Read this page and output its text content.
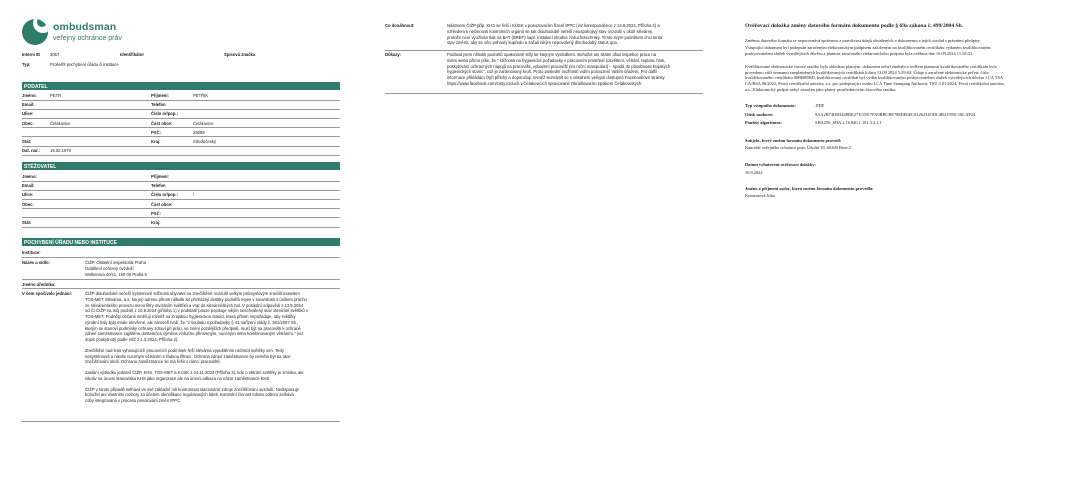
ombudsman
veřejný ochránce práv
Interní ID 3057	Identifikátor	Spisová značka
Typ:	Prošetřit pochybení úřadu či instituce
PODATEL
Jméno:	PETR	Příjmení:	PETŘÍK
Email:	Telefon
Ulice:	Číslo or/pop.:
Obec:	Čelákovice	Část obce:	Čelákovice
PSČ:	25088
Stát:	Kraj:	Středočeský
Dat. nar.: 19.02.1976
STĚŽOVATEL
Jméno:	Příjmení:
Email:	Telefon
Ulice:	Číslo or/pop.:	/
Obec:	Část obce:
PSČ:
Stát:	Kraj:
POCHYBENÍ ÚŘADU NEBO INSTITUCE
Instituce:
Název a sídlo:	ČIŽP, Oblastní inspektorát Praha
Oddělení ochrany ovzduší
Wolkerova 40/11, 160 00 Praha 6
Jméno úředníka:
V čem spočívalo jednání:	ČIŽP dlouhodobě nečeší systémově stížnosti obyvatel na znečištěné ovzduší velkým průmyslovým znečišťovatelem
TOS-MET Slévárna, a.s. Na její adresu přitom několik let přicházejí desítky podnětů nejen v souvislosti s únikem prachu
ze slévárenského provozu mimo filtry otvíráním světlíků a vrat do slévárenských hal. V poslední odpovědi z 13.9.2024
od ČI ČIŽP na můj podnět z 10.8.2024 (příloha 1) v podstatě pouze popisuje nikým neschválený stav otevírání světlíků v
TOS-MET. Podněty občané směřují rovněž na Krajskou hygienickou stanici, která přitom nepožaduje, aby světlíky
výrobní haly byly trvale otevřené, ale zároveň tvrdí, že "v souladu s požadavky § 41 nařízení vlády č. 361/2007 Sb.,
kterým se stanoví podmínky ochrany zdraví při práci, ve znění pozdějších předpisů, musí být na pracovišti k ochraně
zdraví zaměstnance zajištěna dostatečná výměna vzduchu přirozeným, nuceným nebo kombinovaným větráním." (viz
dopis poskytnutý podle InfZ z 1.3.2024, Příloha 2).
Znečištění nad limit vyhovujících pracovních podmínek řeší slévárna vypuštěním nečistot světlíky ven. Tedy
nesystémově a nikoliv nuceným větráním s řádnou filtrací. Ochrana zdraví zaměstnance by neměla být na úkor
znečišťování okolí. Ochrana zaměstnance se má řešit v rámci pracoviště.
Zaslání výsledku jednání ČIŽP, KHS, TOS-MET a KÚSK z 24.11.2023 (Příloha 3), kde o větrání světlíky je zmínka, ale
nikoliv na úrovni stanoviska KHS jako organizace ale na úrovni odkazu na názor zaměstnance KHS.
ČIŽP v tomto případě selhává ve své základní roli kontrolovat stacionární zdroje znečišťování ovzduší. Nedisponuje
bohužel ani vlastními rozbory za účelem identifikace regulovaných látek. Kontrolní činnost tohoto odboru selhává
coby integrovaná v procesu povolování změn IPPC.
Co dosáhnout:	Nástroem ČIŽP příp. KHS se řeší i KÚSK v posuzovacím řízení IPPC (viz korespondence z 13.8.2024, Příloha 4) a
vzhledem k nečinnosti kontrolních orgánů se tak dlouhodobě neřeší neuspokojivý stav ovzduší v okolí slévárny,
protože není využíván tlak na BAT (BREF) např. instalací vhodné vzduchotechniky. Tímto svým podnětem chci tento
stav změnit, aby se věci pohnuly kupředu a začali nikým nepovolený dlouhodobý status quo.
Důkazy:	Podával jsem několik podnětů opakovaně stíly se stejným výsledkem. Bohužel ani Státní úřad inspekce práce na
svém webu přímo píše, že " stížnosti na hygienické požadavky v pracovním prostředí (osvětlení, větrání, teplota, hluk,
poskytování ochranných nápojů na pracovišti, vybavení pracovišť pro ruční manipulaci) – spadá do působnosti krajských
hygienických stanic", což je zarámovaný kruh. Proto poslední možností vidím posouzení Vaším úřadem. Pro další
informace přikládám čtyři přílohy a doporučují rovněž seznámit se s obsahem veřejně dostupné Facebookové stránky
https://www.facebook.com/cisty.vzduch.v.Celakovicich spravované Okrašlovacím spolkem Čelákovických.
Ověřovací doložka změny datového formátu dokumentu podle § 69a zákona č. 499/2004 Sb.
Změnou datového formátu se neporovnává správnost a pravdivost údajů obsažených v dokumentu a jejich soulad s právními předpisy.
Vstupující dokument byl podepsán zaručeným elektronickým podpisem založeným na kvalifikovaném certifikátu vydaném kvalifikovaným
poskytovatelem služeb vytvářejících důvěru a platnost zaručeného elektronického podpisu byla ověřena dne 16.09.2024 11:58:53.
Kvalifikované elektronické časové razítko bylo shledáno platným, dokument nebyl změněn a ověření platnosti kvalifikovaného certifikátu bylo
provedeno vůči seznamu zneplatněných kvalifikovaných certifikátů k datu 13.09.2024 5:59:04. Údaje o zaručené elektronické pečeti: číslo
kvalifikovaného certifikátu 00BB0D8D, kvalifikovaný certifikát byl vydán kvalifikovaným poskytovatelem služeb vytvářejících důvěru I.CA TSA
CA/RSA 06/2022, První certifikační autorita, a.s. pro podepisující osobu I.CA Time Stamping Authority TSU 3 01/2024, První certifikační autorita,
a.s.. Elektronický podpis nebyl označen jako platný prostřednictvím časového razítka.
Typ vstupního dokumentu:	.PDF
Otisk souboru:	9AA2B74DB3448DE271C0917FA0BBCBE788DE6EC8126234ODC4B21595C18CAF24
Použitý algoritmus:	SHA256_SHA 2.16.840.1.101.3.4.2.1
Subjekt, který změnu formátu dokumentu provedl:
Kancelář veřejného ochránce práv, Údolní 39, 60200 Brno 2
Datum vyhotovení ověřovací doložky:
16.9.2024
Jméno a příjmení osoby, která změnu formátu dokumentu provedla:
Komzarová Jitka
